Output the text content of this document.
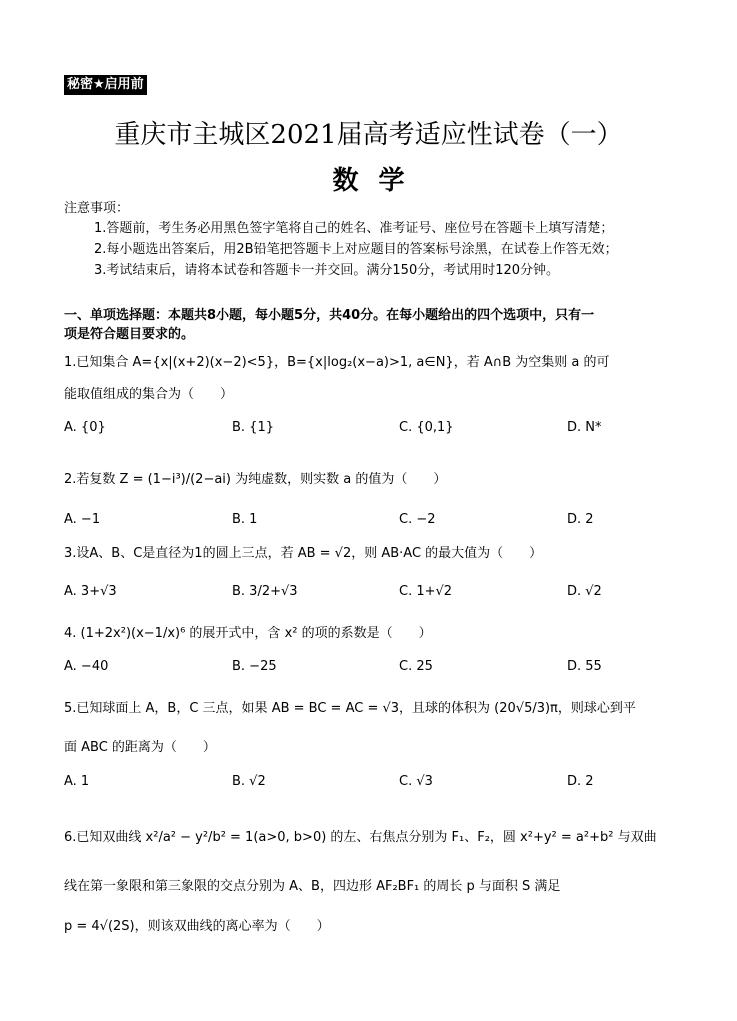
秘密★启用前
重庆市主城区2021届高考适应性试卷（一）
数学
注意事项：
1.答题前，考生务必用黑色签字笔将自己的姓名、准考证号、座位号在答题卡上填写清楚；
2.每小题选出答案后，用2B铅笔把答题卡上对应题目的答案标号涂黑，在试卷上作答无效；
3.考试结束后，请将本试卷和答题卡一并交回。满分150分，考试用时120分钟。
一、单项选择题：本题共8小题，每小题5分，共40分。在每小题给出的四个选项中，只有一
项是符合题目要求的。
1.已知集合 A={x|(x+2)(x−2)<5}，B={x|log₂(x−a)>1, a∈N}，若 A∩B 为空集则 a 的可
能取值组成的集合为（　　）
A. {0}	B. {1}	C. {0,1}	D. N*
2.若复数 Z = (1−i³)/(2−ai) 为纯虚数，则实数 a 的值为（　　）
A. −1	B. 1	C. −2	D. 2
3.设A、B、C是直径为1的圆上三点，若 AB = √2，则 AB·AC 的最大值为（　　）
A. 3+√3	B. 3/2+√3	C. 1+√2	D. √2
4. (1+2x²)(x−1/x)⁶ 的展开式中，含 x² 的项的系数是（　　）
A. −40	B. −25	C. 25	D. 55
5.已知球面上 A，B，C 三点，如果 AB = BC = AC = √3，且球的体积为 (20√5/3)π，则球心到平
面 ABC 的距离为（　　）
A. 1	B. √2	C. √3	D. 2
6.已知双曲线 x²/a² − y²/b² = 1(a>0, b>0) 的左、右焦点分别为 F₁、F₂，圆 x²+y² = a²+b² 与双曲
线在第一象限和第三象限的交点分别为 A、B，四边形 AF₂BF₁ 的周长 p 与面积 S 满足
p = 4√(2S)，则该双曲线的离心率为（　　）
